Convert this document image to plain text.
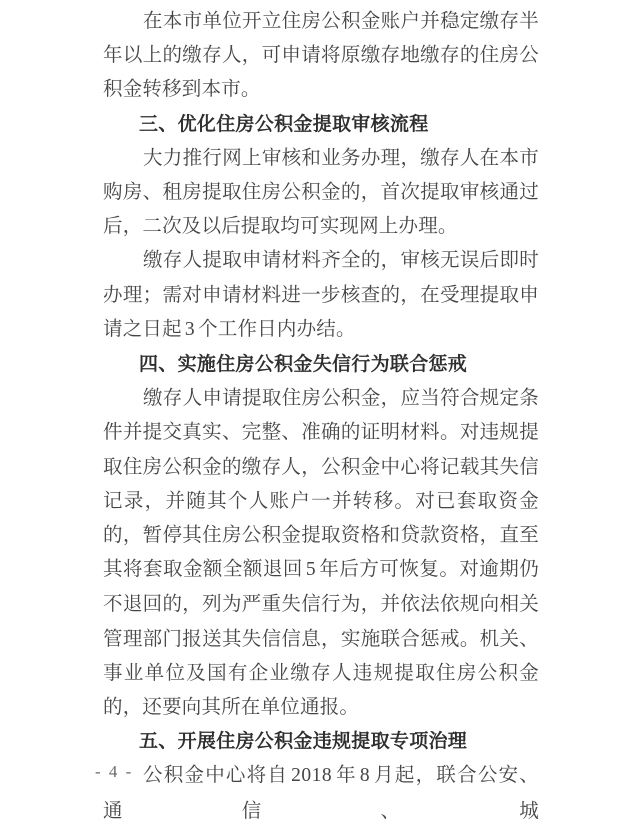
在本市单位开立住房公积金账户并稳定缴存半年以上的缴存人，可申请将原缴存地缴存的住房公积金转移到本市。

三、优化住房公积金提取审核流程

大力推行网上审核和业务办理，缴存人在本市购房、租房提取住房公积金的，首次提取审核通过后，二次及以后提取均可实现网上办理。

缴存人提取申请材料齐全的，审核无误后即时办理；需对申请材料进一步核查的，在受理提取申请之日起 3 个工作日内办结。

四、实施住房公积金失信行为联合惩戒

缴存人申请提取住房公积金，应当符合规定条件并提交真实、完整、准确的证明材料。对违规提取住房公积金的缴存人，公积金中心将记载其失信记录，并随其个人账户一并转移。对已套取资金的，暂停其住房公积金提取资格和贷款资格，直至其将套取金额全额退回 5 年后方可恢复。对逾期仍不退回的，列为严重失信行为，并依法依规向相关管理部门报送其失信信息，实施联合惩戒。机关、事业单位及国有企业缴存人违规提取住房公积金的，还要向其所在单位通报。

五、开展住房公积金违规提取专项治理

公积金中心将自 2018 年 8 月起，联合公安、通信、城

- 4 -
